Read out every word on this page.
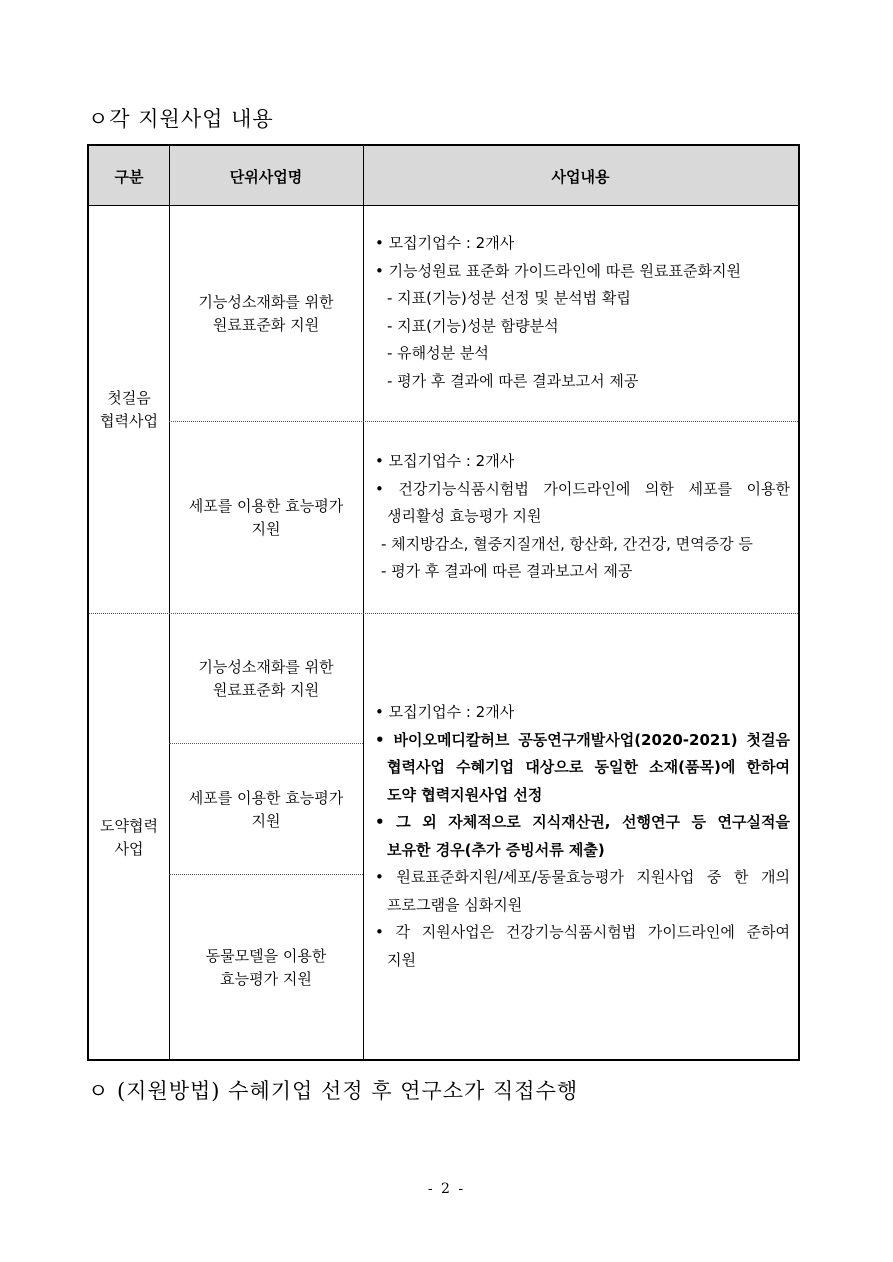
ㅇ각 지원사업 내용
구분	단위사업명	사업내용
첫걸음
협력사업
기능성소재화를 위한
원료표준화 지원

• 모집기업수 : 2개사

• 기능성원료 표준화 가이드라인에 따른 원료표준화지원

- 지표(기능)성분 선정 및 분석법 확립

- 지표(기능)성분 함량분석

- 유해성분 분석

- 평가 후 결과에 따른 결과보고서 제공

세포를 이용한 효능평가
지원

• 모집기업수 : 2개사

• 건강기능식품시험법 가이드라인에 의한 세포를 이용한

생리활성 효능평가 지원

- 체지방감소, 혈중지질개선, 항산화, 간건강, 면역증강 등

- 평가 후 결과에 따른 결과보고서 제공

도약협력
사업
기능성소재화를 위한
원료표준화 지원
세포를 이용한 효능평가
지원
동물모델을 이용한
효능평가 지원

• 모집기업수 : 2개사

• 바이오메디칼허브 공동연구개발사업(2020-2021) 첫걸음

협력사업 수혜기업 대상으로 동일한 소재(품목)에 한하여

도약 협력지원사업 선정

• 그 외 자체적으로 지식재산권, 선행연구 등 연구실적을

보유한 경우(추가 증빙서류 제출)

• 원료표준화지원/세포/동물효능평가 지원사업 중 한 개의

프로그램을 심화지원

• 각 지원사업은 건강기능식품시험법 가이드라인에 준하여

지원

ㅇ (지원방법) 수혜기업 선정 후 연구소가 직접수행
- 2 -
